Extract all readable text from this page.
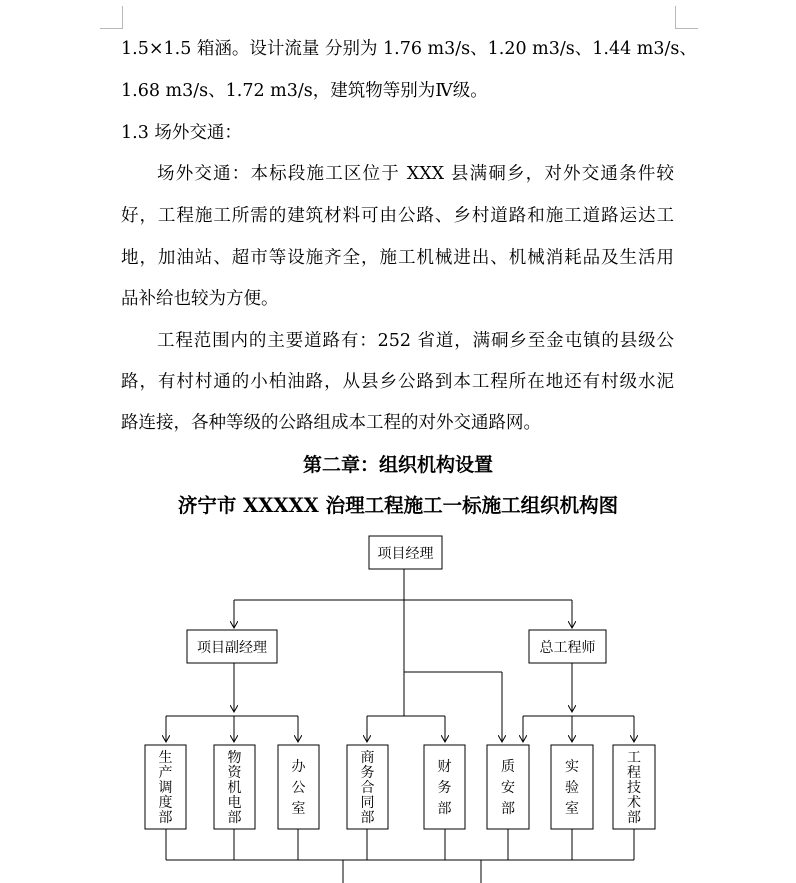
1.5×1.5 箱涵。设计流量 分别为 1.76 m3/s、1.20 m3/s、1.44 m3/s、
1.68 m3/s、1.72 m3/s，建筑物等别为Ⅳ级。
1.3 场外交通：
场外交通：本标段施工区位于 XXX 县满硐乡，对外交通条件较
好，工程施工所需的建筑材料可由公路、乡村道路和施工道路运达工
地，加油站、超市等设施齐全，施工机械进出、机械消耗品及生活用
品补给也较为方便。
工程范围内的主要道路有：252 省道，满硐乡至金屯镇的县级公
路，有村村通的小柏油路，从县乡公路到本工程所在地还有村级水泥
路连接，各种等级的公路组成本工程的对外交通路网。
第二章：组织机构设置
济宁市 XXXXX 治理工程施工一标施工组织机构图
项目经理
项目副经理	总工程师
生
产
调
度
部
物
资
机
电
部
办
公
室
商
务
合
同
部
财
务
部
质
安
部
实
验
室
工
程
技
术
部
